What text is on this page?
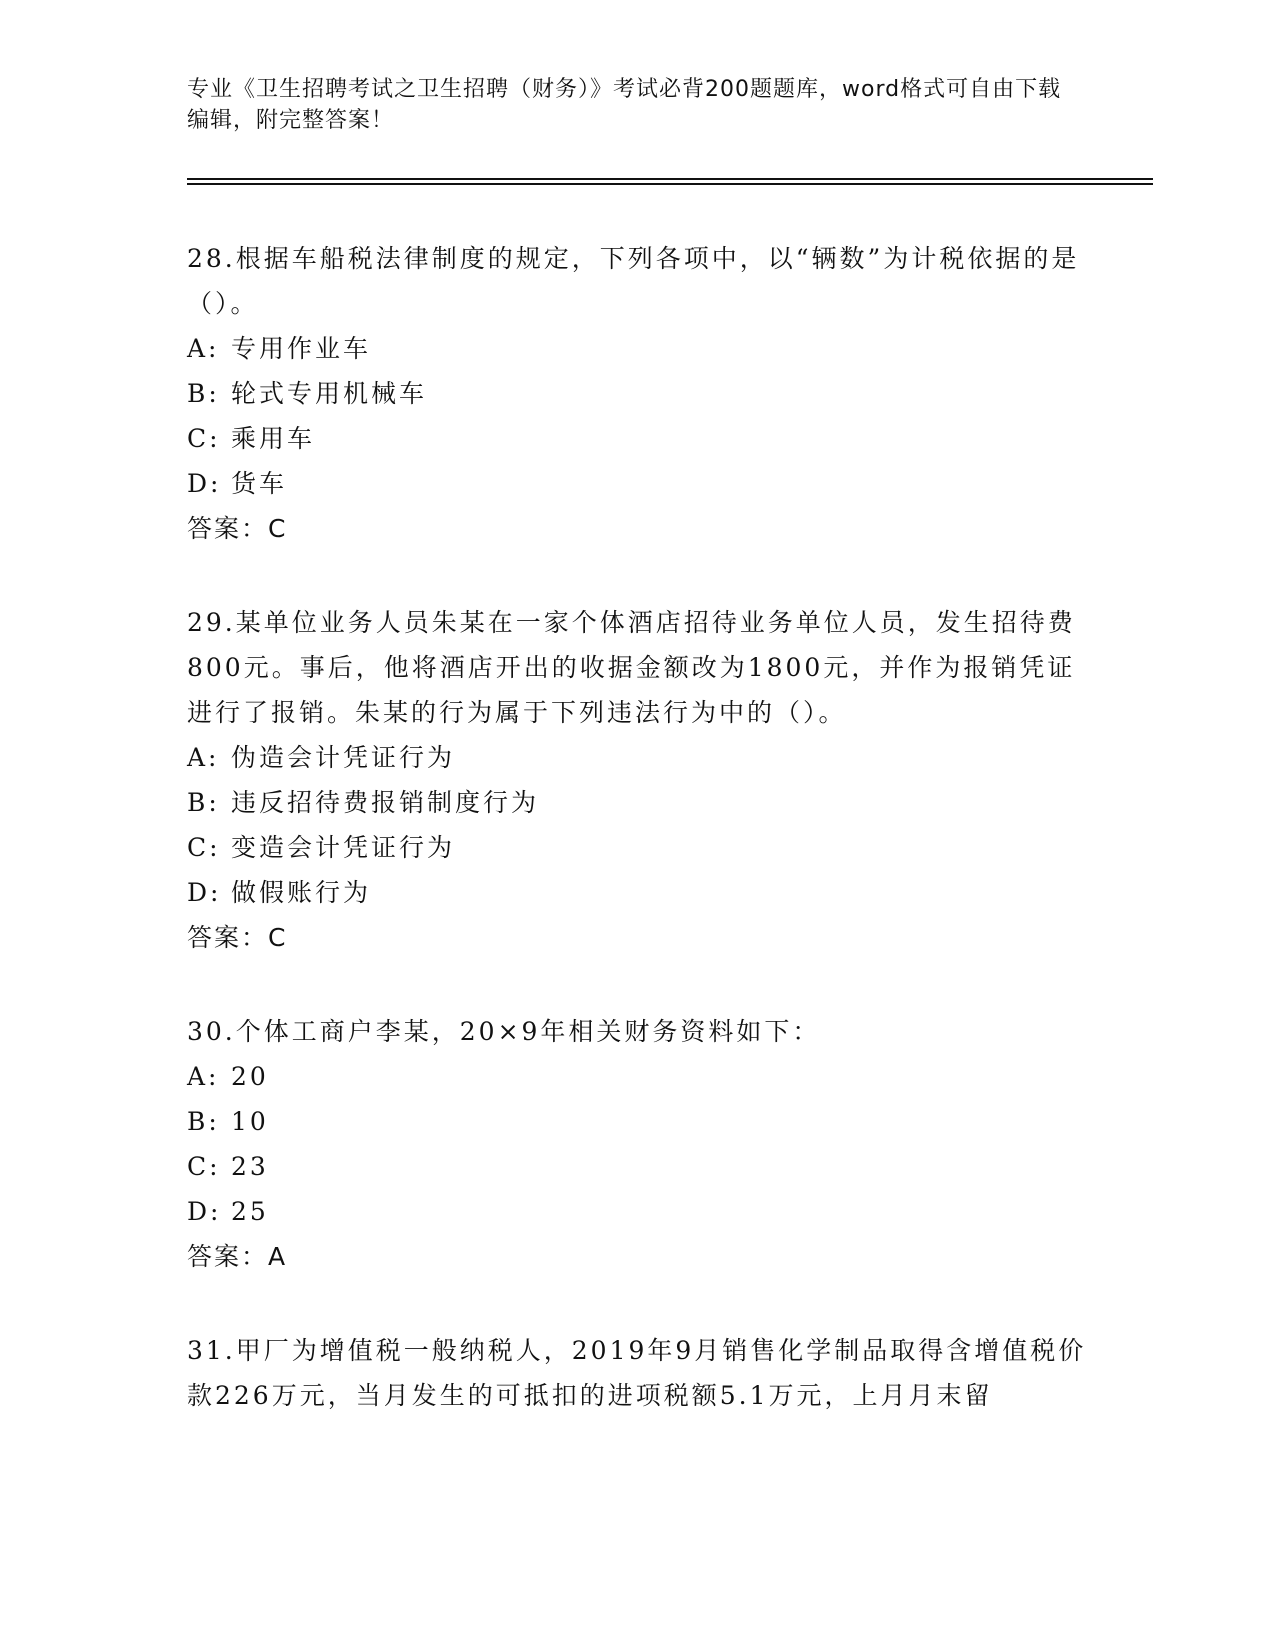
专业《卫生招聘考试之卫生招聘（财务）》考试必背200题题库，word格式可自由下载编辑，附完整答案！

28.根据车船税法律制度的规定，下列各项中，以“辆数”为计税依据的是（）。

A: 专用作业车
B: 轮式专用机械车
C: 乘用车
D: 货车

答案：C

29.某单位业务人员朱某在一家个体酒店招待业务单位人员，发生招待费800元。事后，他将酒店开出的收据金额改为1800元，并作为报销凭证进行了报销。朱某的行为属于下列违法行为中的（）。

A: 伪造会计凭证行为
B: 违反招待费报销制度行为
C: 变造会计凭证行为
D: 做假账行为

答案：C

30.个体工商户李某，20×9年相关财务资料如下：

A: 20
B: 10
C: 23
D: 25

答案：A

31.甲厂为增值税一般纳税人，2019年9月销售化学制品取得含增值税价款226万元，当月发生的可抵扣的进项税额5.1万元，上月月末留
